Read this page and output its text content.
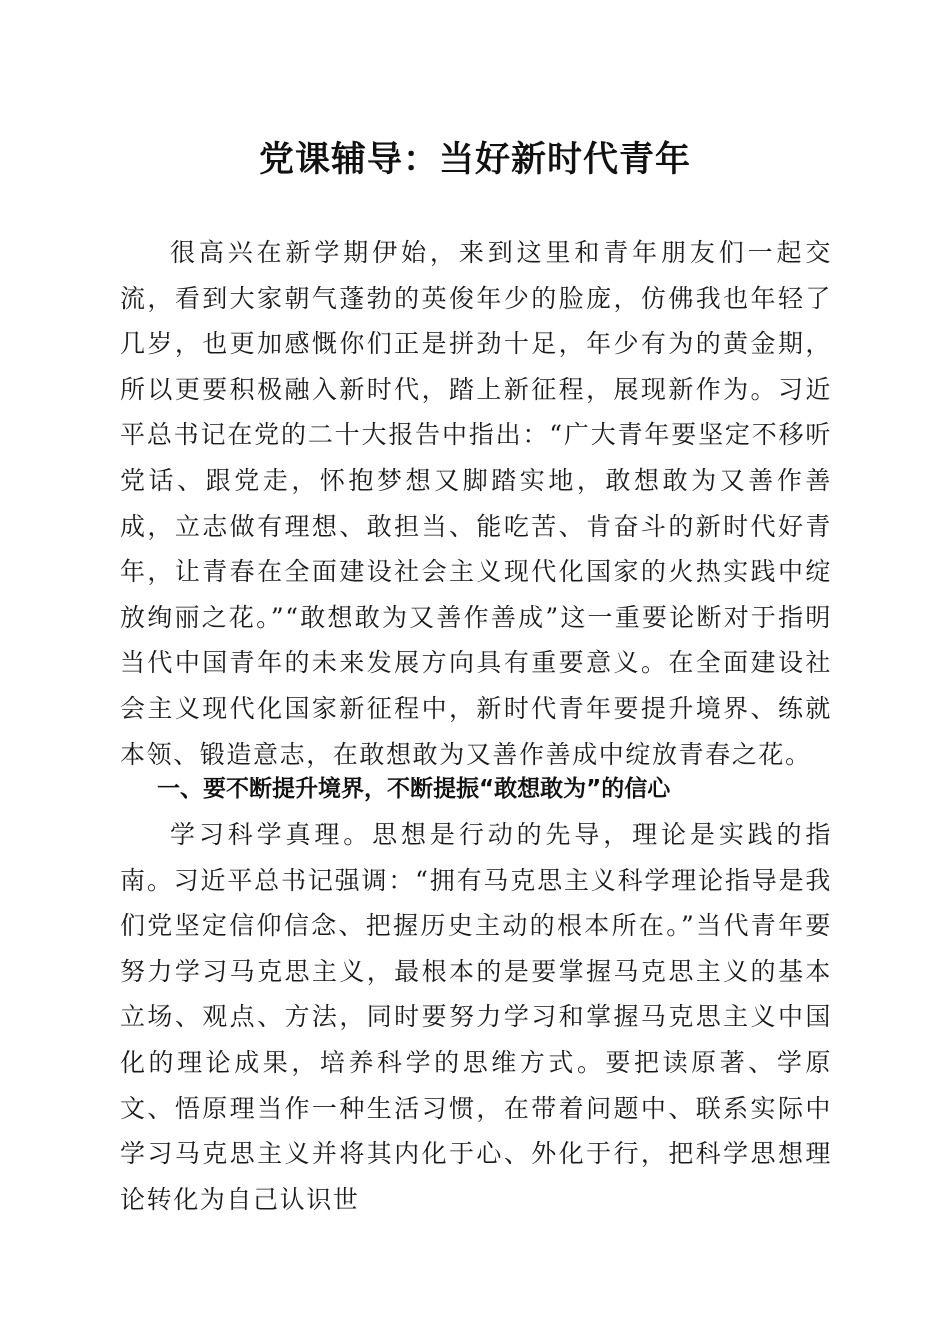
党课辅导：当好新时代青年

很高兴在新学期伊始，来到这里和青年朋友们一起交流，看到大家朝气蓬勃的英俊年少的脸庞，仿佛我也年轻了几岁，也更加感慨你们正是拼劲十足，年少有为的黄金期，所以更要积极融入新时代，踏上新征程，展现新作为。习近平总书记在党的二十大报告中指出：“广大青年要坚定不移听党话、跟党走，怀抱梦想又脚踏实地，敢想敢为又善作善成，立志做有理想、敢担当、能吃苦、肯奋斗的新时代好青年，让青春在全面建设社会主义现代化国家的火热实践中绽放绚丽之花。”“敢想敢为又善作善成”这一重要论断对于指明当代中国青年的未来发展方向具有重要意义。在全面建设社会主义现代化国家新征程中，新时代青年要提升境界、练就本领、锻造意志，在敢想敢为又善作善成中绽放青春之花。

一、要不断提升境界，不断提振“敢想敢为”的信心

学习科学真理。思想是行动的先导，理论是实践的指南。习近平总书记强调：“拥有马克思主义科学理论指导是我们党坚定信仰信念、把握历史主动的根本所在。”当代青年要努力学习马克思主义，最根本的是要掌握马克思主义的基本立场、观点、方法，同时要努力学习和掌握马克思主义中国化的理论成果，培养科学的思维方式。要把读原著、学原文、悟原理当作一种生活习惯，在带着问题中、联系实际中学习马克思主义并将其内化于心、外化于行，把科学思想理论转化为自己认识世
